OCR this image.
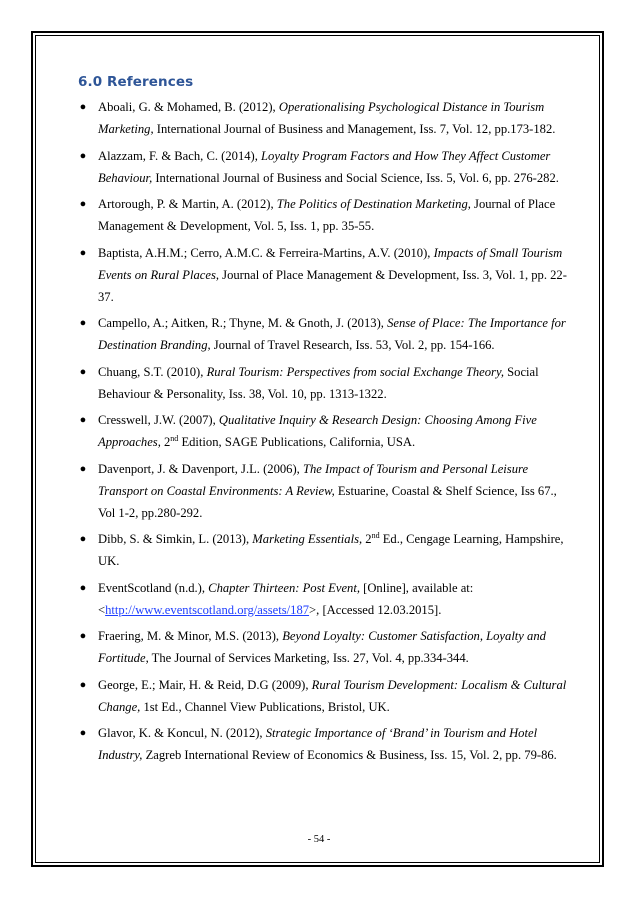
6.0 References
● Aboali, G. & Mohamed, B. (2012), Operationalising Psychological Distance in Tourism Marketing, International Journal of Business and Management, Iss. 7, Vol. 12, pp.173-182.
● Alazzam, F. & Bach, C. (2014), Loyalty Program Factors and How They Affect Customer Behaviour, International Journal of Business and Social Science, Iss. 5, Vol. 6, pp. 276-282.
● Artorough, P. & Martin, A. (2012), The Politics of Destination Marketing, Journal of Place Management & Development, Vol. 5, Iss. 1, pp. 35-55.
● Baptista, A.H.M.; Cerro, A.M.C. & Ferreira-Martins, A.V. (2010), Impacts of Small Tourism Events on Rural Places, Journal of Place Management & Development, Iss. 3, Vol. 1, pp. 22-37.
● Campello, A.; Aitken, R.; Thyne, M. & Gnoth, J. (2013), Sense of Place: The Importance for Destination Branding, Journal of Travel Research, Iss. 53, Vol. 2, pp. 154-166.
● Chuang, S.T. (2010), Rural Tourism: Perspectives from social Exchange Theory, Social Behaviour & Personality, Iss. 38, Vol. 10, pp. 1313-1322.
● Cresswell, J.W. (2007), Qualitative Inquiry & Research Design: Choosing Among Five Approaches, 2nd Edition, SAGE Publications, California, USA.
● Davenport, J. & Davenport, J.L. (2006), The Impact of Tourism and Personal Leisure Transport on Coastal Environments: A Review, Estuarine, Coastal & Shelf Science, Iss 67., Vol 1-2, pp.280-292.
● Dibb, S. & Simkin, L. (2013), Marketing Essentials, 2nd Ed., Cengage Learning, Hampshire, UK.
● EventScotland (n.d.), Chapter Thirteen: Post Event, [Online], available at: <http://www.eventscotland.org/assets/187>, [Accessed 12.03.2015].
● Fraering, M. & Minor, M.S. (2013), Beyond Loyalty: Customer Satisfaction, Loyalty and Fortitude, The Journal of Services Marketing, Iss. 27, Vol. 4, pp.334-344.
● George, E.; Mair, H. & Reid, D.G (2009), Rural Tourism Development: Localism & Cultural Change, 1st Ed., Channel View Publications, Bristol, UK.
● Glavor, K. & Koncul, N. (2012), Strategic Importance of ‘Brand’ in Tourism and Hotel Industry, Zagreb International Review of Economics & Business, Iss. 15, Vol. 2, pp. 79-86.
- 54 -
